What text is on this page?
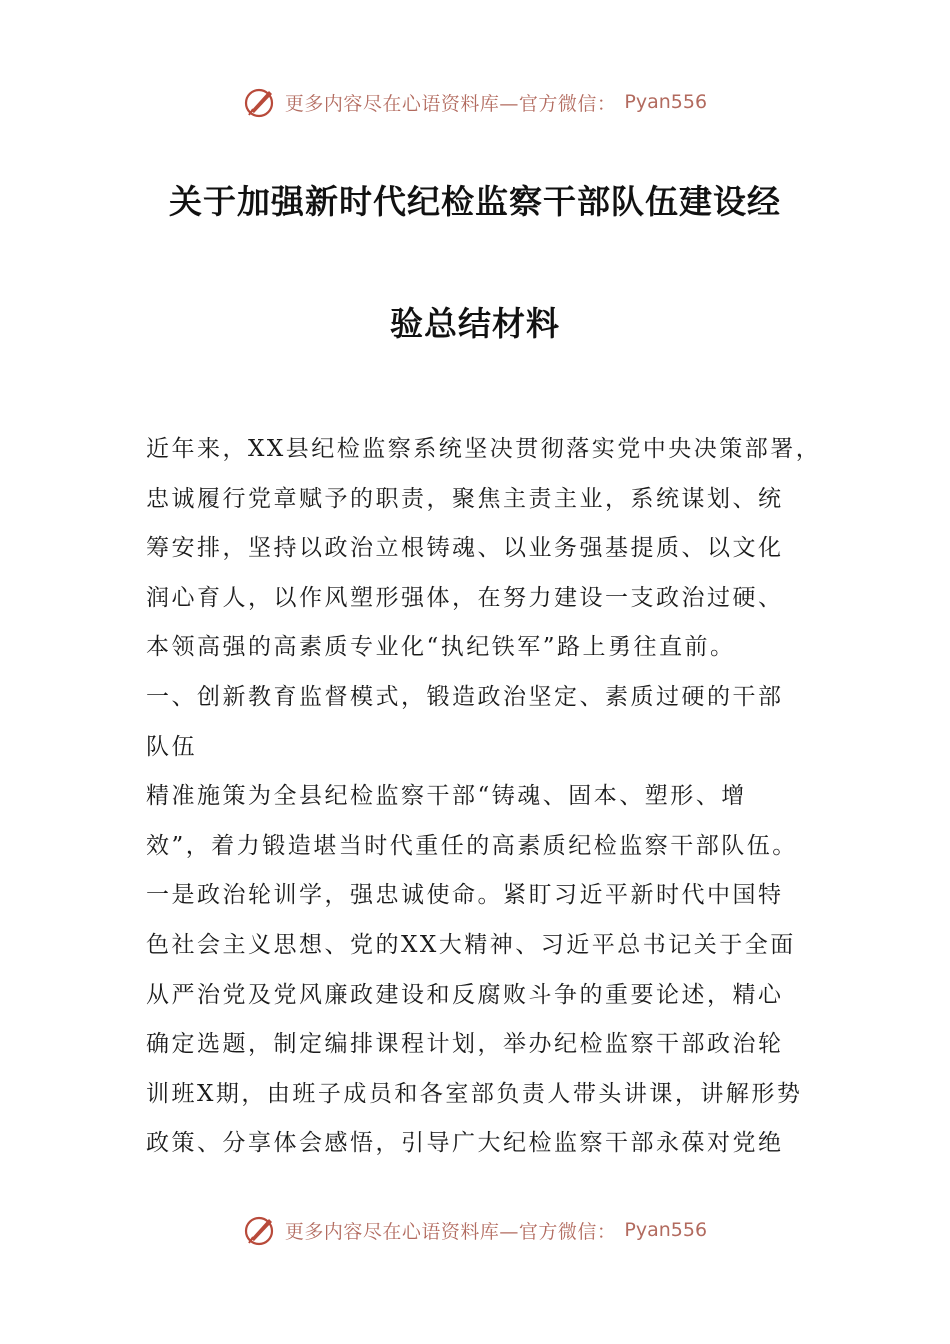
更多内容尽在心语资料库—官方微信： Pyan556
关于加强新时代纪检监察干部队伍建设经
验总结材料
近年来，XX县纪检监察系统坚决贯彻落实党中央决策部署，
忠诚履行党章赋予的职责，聚焦主责主业，系统谋划、统
筹安排，坚持以政治立根铸魂、以业务强基提质、以文化
润心育人，以作风塑形强体，在努力建设一支政治过硬、
本领高强的高素质专业化“执纪铁军”路上勇往直前。
一、创新教育监督模式，锻造政治坚定、素质过硬的干部
队伍
精准施策为全县纪检监察干部“铸魂、固本、塑形、增
效”，着力锻造堪当时代重任的高素质纪检监察干部队伍。
一是政治轮训学，强忠诚使命。紧盯习近平新时代中国特
色社会主义思想、党的XX大精神、习近平总书记关于全面
从严治党及党风廉政建设和反腐败斗争的重要论述，精心
确定选题，制定编排课程计划，举办纪检监察干部政治轮
训班X期，由班子成员和各室部负责人带头讲课，讲解形势
政策、分享体会感悟，引导广大纪检监察干部永葆对党绝
更多内容尽在心语资料库—官方微信： Pyan556
